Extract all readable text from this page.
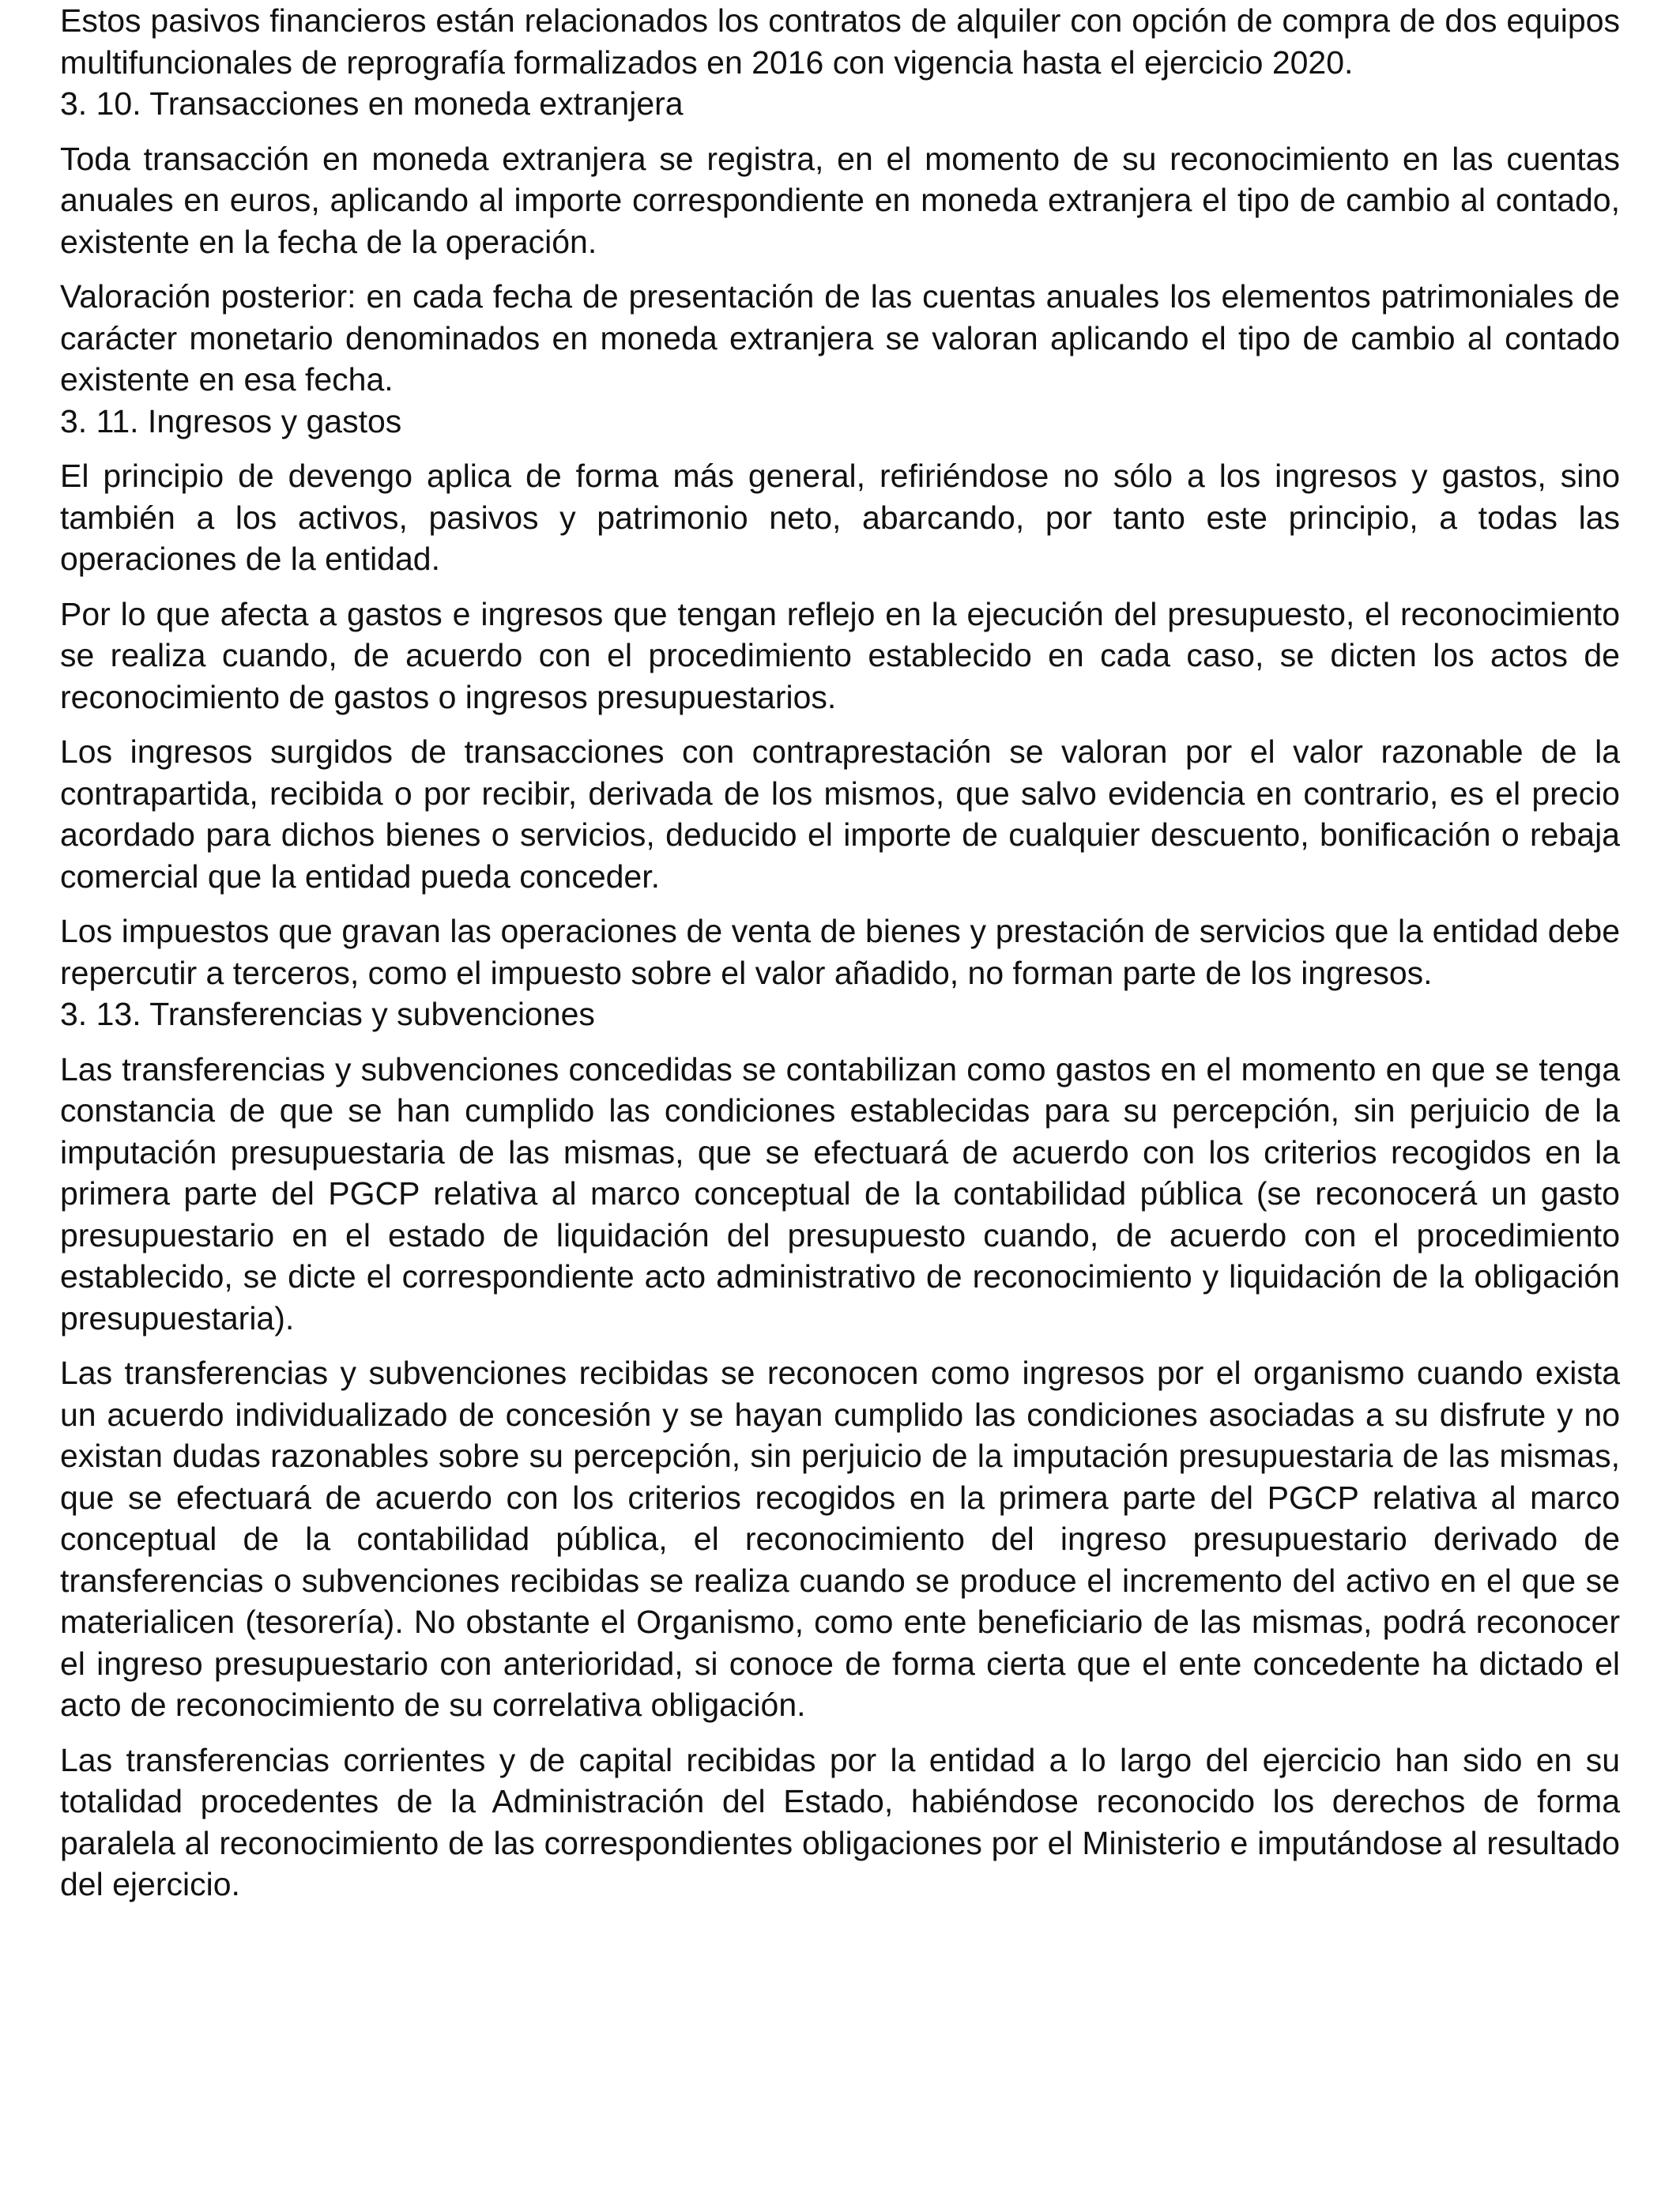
Estos pasivos financieros están relacionados los contratos de alquiler con opción de compra de dos equipos multifuncionales de reprografía formalizados en 2016 con vigencia hasta el ejercicio 2020.

3. 10. Transacciones en moneda extranjera

Toda transacción en moneda extranjera se registra, en el momento de su reconocimiento en las cuentas anuales en euros, aplicando al importe correspondiente en moneda extranjera el tipo de cambio al contado, existente en la fecha de la operación.

Valoración posterior: en cada fecha de presentación de las cuentas anuales los elementos patrimoniales de carácter monetario denominados en moneda extranjera se valoran aplicando el tipo de cambio al contado existente en esa fecha.

3. 11. Ingresos y gastos

El principio de devengo aplica de forma más general, refiriéndose no sólo a los ingresos y gastos, sino también a los activos, pasivos y patrimonio neto, abarcando, por tanto este principio, a todas las operaciones de la entidad.

Por lo que afecta a gastos e ingresos que tengan reflejo en la ejecución del presupuesto, el reconocimiento se realiza cuando, de acuerdo con el procedimiento establecido en cada caso, se dicten los actos de reconocimiento de gastos o ingresos presupuestarios.

Los ingresos surgidos de transacciones con contraprestación se valoran por el valor razonable de la contrapartida, recibida o por recibir, derivada de los mismos, que salvo evidencia en contrario, es el precio acordado para dichos bienes o servicios, deducido el importe de cualquier descuento, bonificación o rebaja comercial que la entidad pueda conceder.

Los impuestos que gravan las operaciones de venta de bienes y prestación de servicios que la entidad debe repercutir a terceros, como el impuesto sobre el valor añadido, no forman parte de los ingresos.

3. 13. Transferencias y subvenciones

Las transferencias y subvenciones concedidas se contabilizan como gastos en el momento en que se tenga constancia de que se han cumplido las condiciones establecidas para su percepción, sin perjuicio de la imputación presupuestaria de las mismas, que se efectuará de acuerdo con los criterios recogidos en la primera parte del PGCP relativa al marco conceptual de la contabilidad pública (se reconocerá un gasto presupuestario en el estado de liquidación del presupuesto cuando, de acuerdo con el procedimiento establecido, se dicte el correspondiente acto administrativo de reconocimiento y liquidación de la obligación presupuestaria).

Las transferencias y subvenciones recibidas se reconocen como ingresos por el organismo cuando exista un acuerdo individualizado de concesión y se hayan cumplido las condiciones asociadas a su disfrute y no existan dudas razonables sobre su percepción, sin perjuicio de la imputación presupuestaria de las mismas, que se efectuará de acuerdo con los criterios recogidos en la primera parte del PGCP relativa al marco conceptual de la contabilidad pública, el reconocimiento del ingreso presupuestario derivado de transferencias o subvenciones recibidas se realiza cuando se produce el incremento del activo en el que se materialicen (tesorería). No obstante el Organismo, como ente beneficiario de las mismas, podrá reconocer el ingreso presupuestario con anterioridad, si conoce de forma cierta que el ente concedente ha dictado el acto de reconocimiento de su correlativa obligación.

Las transferencias corrientes y de capital recibidas por la entidad a lo largo del ejercicio han sido en su totalidad procedentes de la Administración del Estado, habiéndose reconocido los derechos de forma paralela al reconocimiento de las correspondientes obligaciones por el Ministerio e imputándose al resultado del ejercicio.
